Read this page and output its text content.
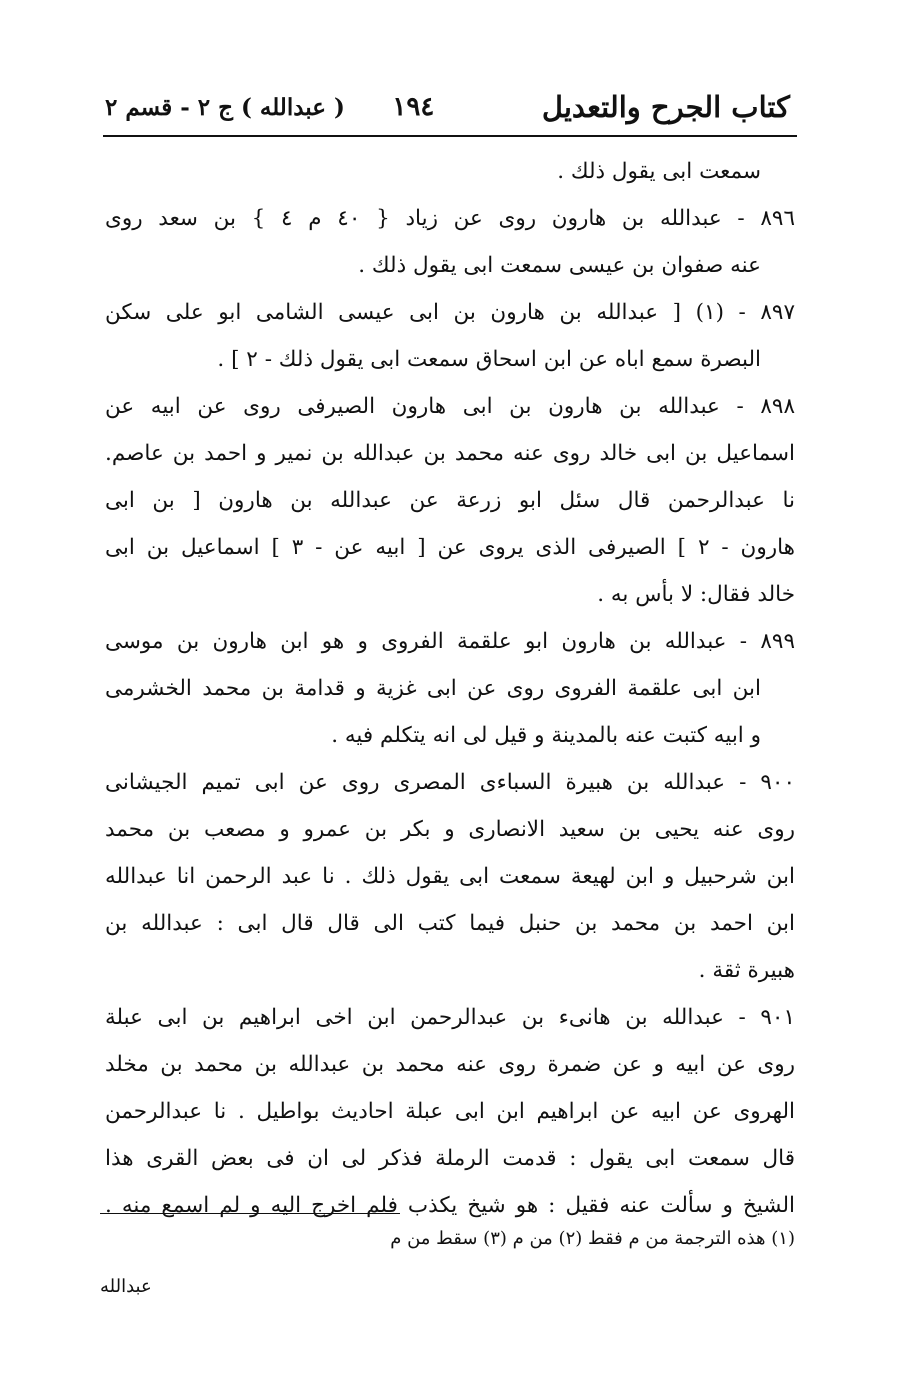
كتاب الجرح والتعديل
١٩٤
( عبدالله ) ج ٢ - قسم ٢
سمعت ابى يقول ذلك .
٨٩٦ - عبدالله بن هارون روى عن زياد { ٤٠ م ٤ } بن سعد روى
عنه صفوان بن عيسى سمعت ابى يقول ذلك .
٨٩٧ - (١) [ عبدالله بن هارون بن ابى عيسى الشامى ابو على سكن
البصرة سمع اباه عن ابن اسحاق سمعت ابى يقول ذلك - ٢ ] .
٨٩٨ - عبدالله بن هارون بن ابى هارون الصيرفى روى عن ابيه عن
اسماعيل بن ابى خالد روى عنه محمد بن عبدالله بن نمير و احمد بن عاصم.
نا عبدالرحمن قال سئل ابو زرعة عن عبدالله بن هارون [ بن ابى
هارون - ٢ ] الصيرفى الذى يروى عن [ ابيه عن - ٣ ] اسماعيل بن ابى
خالد فقال: لا بأس به .
٨٩٩ - عبدالله بن هارون ابو علقمة الفروى و هو ابن هارون بن موسى
ابن ابى علقمة الفروى روى عن ابى غزية و قدامة بن محمد الخشرمى
و ابيه كتبت عنه بالمدينة و قيل لى انه يتكلم فيه .
٩٠٠ - عبدالله بن هبيرة السباءى المصرى روى عن ابى تميم الجيشانى
روى عنه يحيى بن سعيد الانصارى و بكر بن عمرو و مصعب بن محمد
ابن شرحبيل و ابن لهيعة سمعت ابى يقول ذلك . نا عبد الرحمن انا عبدالله
ابن احمد بن محمد بن حنبل فيما كتب الى قال قال ابى : عبدالله بن
هبيرة ثقة .
٩٠١ - عبدالله بن هانىء بن عبدالرحمن ابن اخى ابراهيم بن ابى عبلة
روى عن ابيه و عن ضمرة روى عنه محمد بن عبدالله بن محمد بن مخلد
الهروى عن ابيه عن ابراهيم ابن ابى عبلة احاديث بواطيل . نا عبدالرحمن
قال سمعت ابى يقول : قدمت الرملة فذكر لى ان فى بعض القرى هذا
الشيخ و سألت عنه فقيل : هو شيخ يكذب فلم اخرج اليه و لم اسمع منه .
(١) هذه الترجمة من م فقط (٢) من م (٣) سقط من م
عبدالله
